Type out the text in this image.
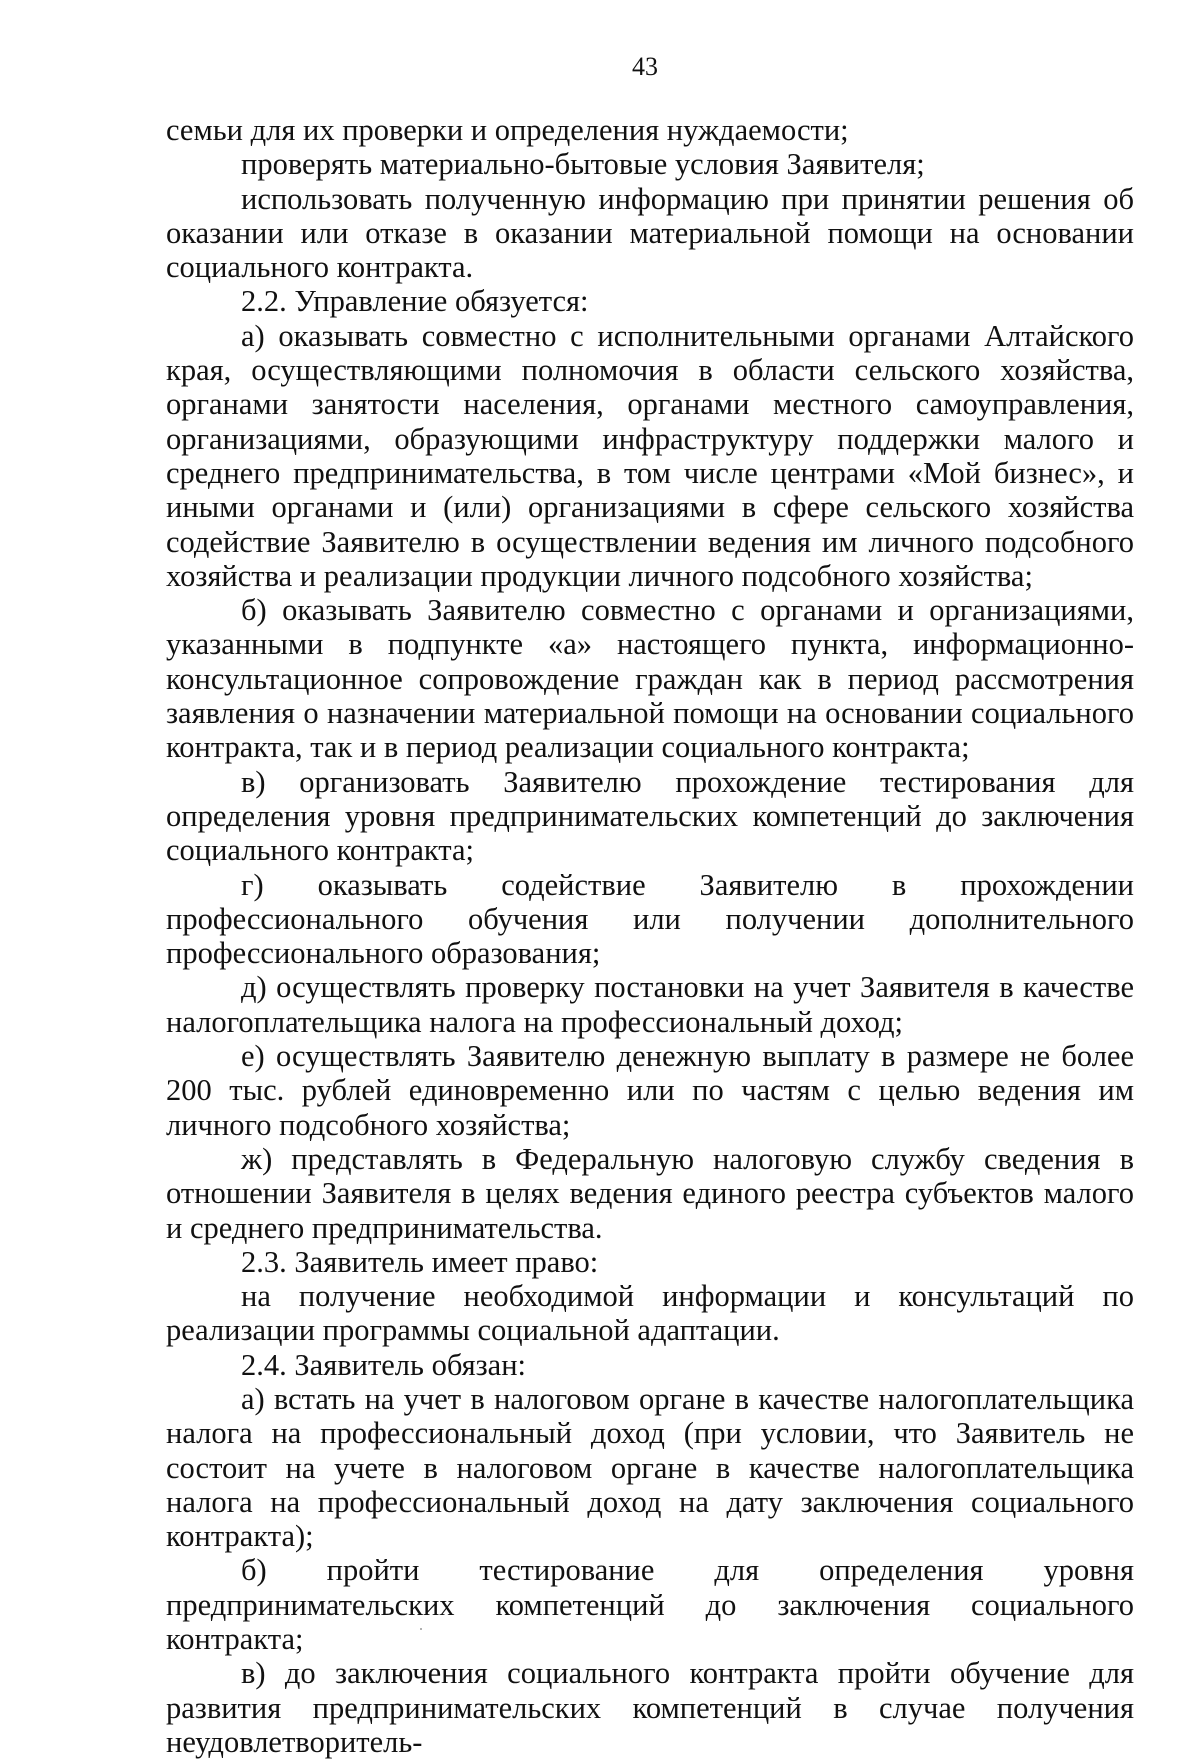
43

семьи для их проверки и определения нуждаемости;

проверять материально-бытовые условия Заявителя;

использовать полученную информацию при принятии решения об оказании или отказе в оказании материальной помощи на основании социального контракта.

2.2. Управление обязуется:

а) оказывать совместно с исполнительными органами Алтайского края, осуществляющими полномочия в области сельского хозяйства, органами занятости населения, органами местного самоуправления, организациями, образующими инфраструктуру поддержки малого и среднего предпринимательства, в том числе центрами «Мой бизнес», и иными органами и (или) организациями в сфере сельского хозяйства содействие Заявителю в осуществлении ведения им личного подсобного хозяйства и реализации продукции личного подсобного хозяйства;

б) оказывать Заявителю совместно с органами и организациями, указанными в подпункте «а» настоящего пункта, информационно-консультационное сопровождение граждан как в период рассмотрения заявления о назначении материальной помощи на основании социального контракта, так и в период реализации социального контракта;

в) организовать Заявителю прохождение тестирования для определения уровня предпринимательских компетенций до заключения социального контракта;

г) оказывать содействие Заявителю в прохождении профессионального обучения или получении дополнительного профессионального образования;

д) осуществлять проверку постановки на учет Заявителя в качестве налогоплательщика налога на профессиональный доход;

е) осуществлять Заявителю денежную выплату в размере не более 200 тыс. рублей единовременно или по частям с целью ведения им личного подсобного хозяйства;

ж) представлять в Федеральную налоговую службу сведения в отношении Заявителя в целях ведения единого реестра субъектов малого и среднего предпринимательства.

2.3. Заявитель имеет право:

на получение необходимой информации и консультаций по реализации программы социальной адаптации.

2.4. Заявитель обязан:

а) встать на учет в налоговом органе в качестве налогоплательщика налога на профессиональный доход (при условии, что Заявитель не состоит на учете в налоговом органе в качестве налогоплательщика налога на профессиональный доход на дату заключения социального контракта);

б) пройти тестирование для определения уровня предпринимательских компетенций до заключения социального контракта;

в) до заключения социального контракта пройти обучение для развития предпринимательских компетенций в случае получения неудовлетворитель-
